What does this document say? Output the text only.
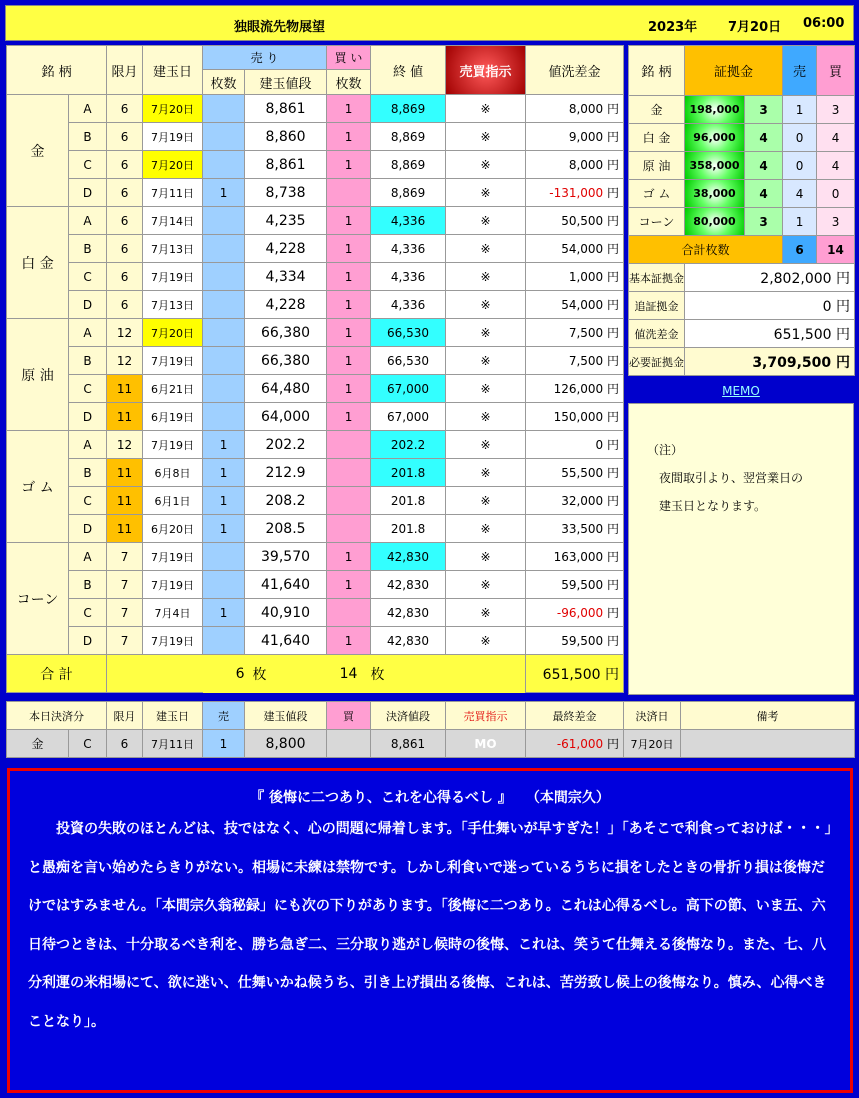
独眼流先物展望	2023年 7月20日 06:00
銘 柄		限月	建玉日	売 り		買 い	終 値	売買指示	値洗差金
				枚数	建玉値段	枚数			
金	A	6	7月20日		8,861	1	8,869	※	8,000 円
	B	6	7月19日		8,860	1	8,869	※	9,000 円
	C	6	7月20日		8,861	1	8,869	※	8,000 円
	D	6	7月11日	1	8,738		8,869	※	-131,000 円
白 金	A	6	7月14日		4,235	1	4,336	※	50,500 円
	B	6	7月13日		4,228	1	4,336	※	54,000 円
	C	6	7月19日		4,334	1	4,336	※	1,000 円
	D	6	7月13日		4,228	1	4,336	※	54,000 円
原 油	A	12	7月20日		66,380	1	66,530	※	7,500 円
	B	12	7月19日		66,380	1	66,530	※	7,500 円
	C	11	6月21日		64,480	1	67,000	※	126,000 円
	D	11	6月19日		64,000	1	67,000	※	150,000 円
ゴ ム	A	12	7月19日	1	202.2		202.2	※	0 円
	B	11	6月8日	1	212.9		201.8	※	55,500 円
	C	11	6月1日	1	208.2		201.8	※	32,000 円
	D	11	6月20日	1	208.5		201.8	※	33,500 円
コーン	A	7	7月19日		39,570	1	42,830	※	163,000 円
	B	7	7月19日		41,640	1	42,830	※	59,500 円
	C	7	7月4日	1	40,910		42,830	※	-96,000 円
	D	7	7月19日		41,640	1	42,830	※	59,500 円
合 計				6	枚	14	枚		651,500 円
銘 柄	証拠金		売	買
金	198,000	3	1	3
白 金	96,000	4	0	4
原 油	358,000	4	0	4
ゴ ム	38,000	4	4	0
コーン	80,000	3	1	3
合計枚数			6	14
基本証拠金	2,802,000 円			
追証拠金	0 円			
値洗差金	651,500 円			
必要証拠金	3,709,500 円			
MEMO
（注）
夜間取引より、翌営業日の
建玉日となります。
本日決済分		限月	建玉日	売	建玉値段	買	決済値段	売買指示	最終差金	決済日	備考
金	C	6	7月11日	1	8,800		8,861	MO	-61,000 円	7月20日	
『 後悔に二つあり、これを心得るべし 』　　（本間宗久）
投資の失敗のほとんどは、技ではなく、心の問題に帰着します。「手仕舞いが早すぎた！」「あそこで利食っておけば・・・」と愚痴を言い始めたらきりがない。相場に未練は禁物です。しかし利食いで迷っているうちに損をしたときの骨折り損は後悔だけではすみません。「本間宗久翁秘録」にも次の下りがあります。「後悔に二つあり。これは心得るべし。高下の節、いま五、六日待つときは、十分取るべき利を、勝ち急ぎ二、三分取り逃がし候時の後悔、これは、笑うて仕舞える後悔なり。また、七、八分利運の米相場にて、欲に迷い、仕舞いかね候うち、引き上げ損出る後悔、これは、苦労致し候上の後悔なり。慎み、心得べきことなり」。
